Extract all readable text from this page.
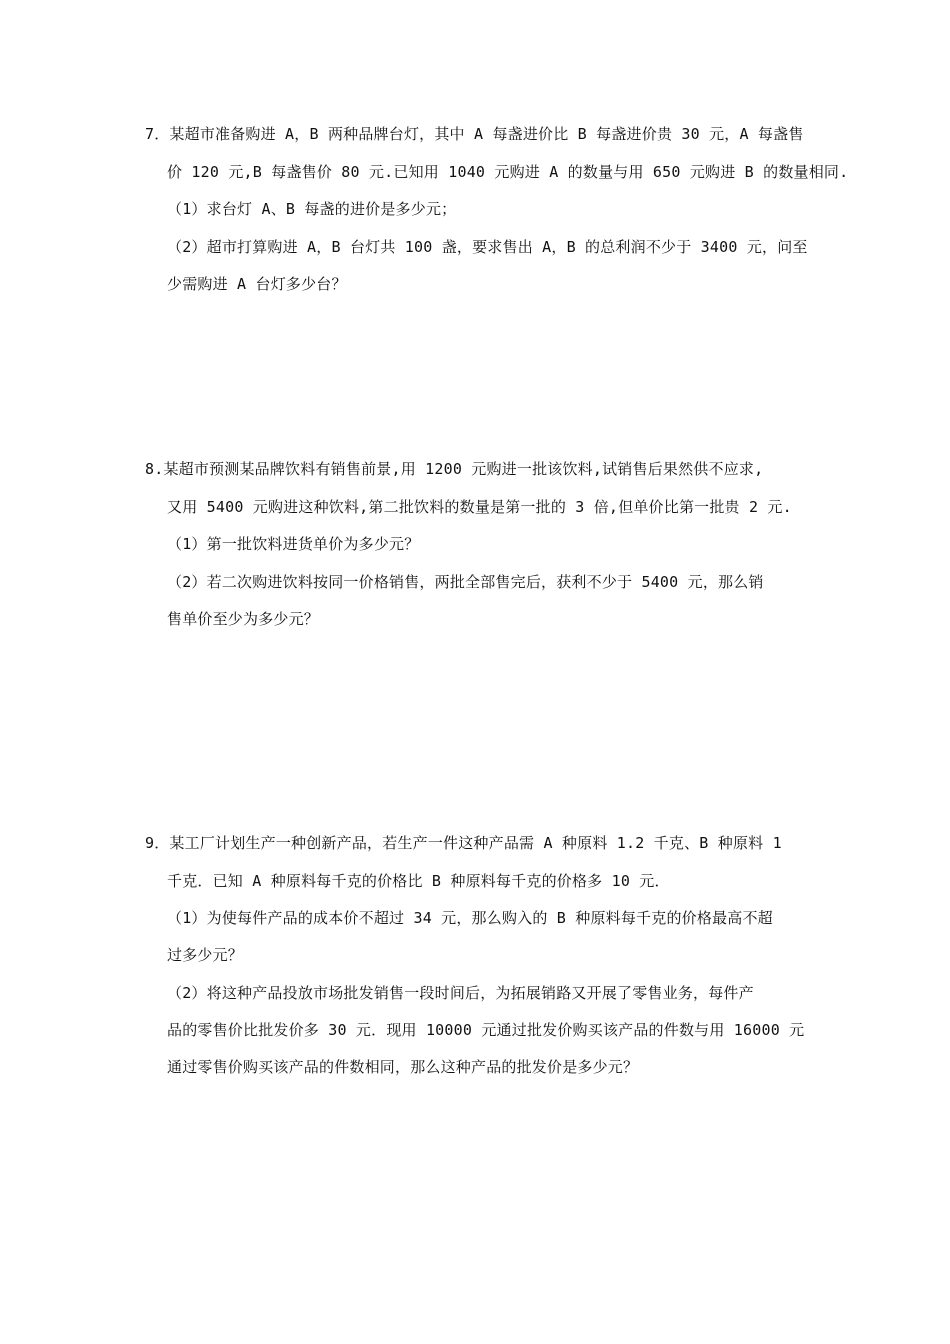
7．某超市准备购进 A，B 两种品牌台灯，其中 A 每盏进价比 B 每盏进价贵 30 元，A 每盏售
价 120 元,B 每盏售价 80 元.已知用 1040 元购进 A 的数量与用 650 元购进 B 的数量相同.
（1）求台灯 A、B 每盏的进价是多少元；
（2）超市打算购进 A，B 台灯共 100 盏，要求售出 A，B 的总利润不少于 3400 元，问至
少需购进 A 台灯多少台？
8.某超市预测某品牌饮料有销售前景,用 1200 元购进一批该饮料,试销售后果然供不应求,
又用 5400 元购进这种饮料,第二批饮料的数量是第一批的 3 倍,但单价比第一批贵 2 元.
（1）第一批饮料进货单价为多少元？
（2）若二次购进饮料按同一价格销售，两批全部售完后，获利不少于 5400 元，那么销
售单价至少为多少元？
9．某工厂计划生产一种创新产品，若生产一件这种产品需 A 种原料 1.2 千克、B 种原料 1
千克．已知 A 种原料每千克的价格比 B 种原料每千克的价格多 10 元．
（1）为使每件产品的成本价不超过 34 元，那么购入的 B 种原料每千克的价格最高不超
过多少元？
（2）将这种产品投放市场批发销售一段时间后，为拓展销路又开展了零售业务，每件产
品的零售价比批发价多 30 元．现用 10000 元通过批发价购买该产品的件数与用 16000 元
通过零售价购买该产品的件数相同，那么这种产品的批发价是多少元？
